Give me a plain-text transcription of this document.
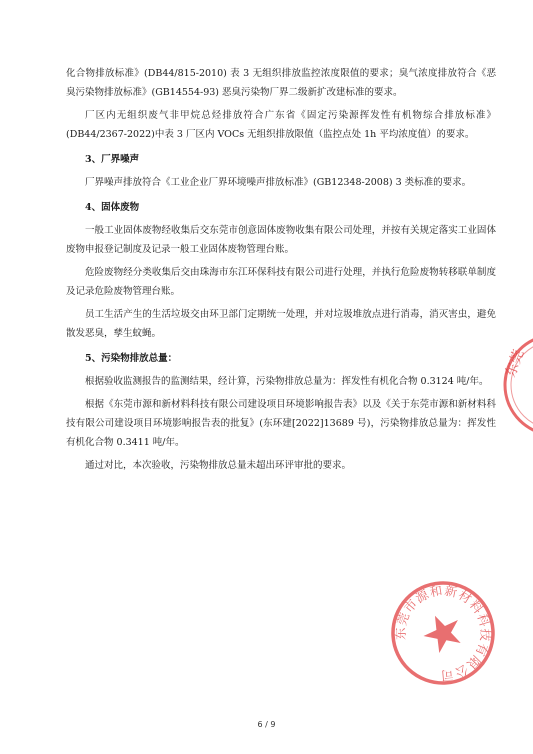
化合物排放标准》(DB44/815-2010) 表 3 无组织排放监控浓度限值的要求；臭气浓度排放符合《恶臭污染物排放标准》(GB14554-93) 恶臭污染物厂界二级新扩改建标准的要求。

厂区内无组织废气非甲烷总烃排放符合广东省《固定污染源挥发性有机物综合排放标准》(DB44/2367-2022)中表 3 厂区内 VOCs 无组织排放限值（监控点处 1h 平均浓度值）的要求。

3、厂界噪声

厂界噪声排放符合《工业企业厂界环境噪声排放标准》(GB12348-2008) 3 类标准的要求。

4、固体废物

一般工业固体废物经收集后交东莞市创意固体废物收集有限公司处理，并按有关规定落实工业固体废物申报登记制度及记录一般工业固体废物管理台账。

危险废物经分类收集后交由珠海市东江环保科技有限公司进行处理，并执行危险废物转移联单制度及记录危险废物管理台账。

员工生活产生的生活垃圾交由环卫部门定期统一处理，并对垃圾堆放点进行消毒，消灭害虫，避免散发恶臭，孳生蚊蝇。

5、污染物排放总量：

根据验收监测报告的监测结果，经计算，污染物排放总量为：挥发性有机化合物 0.3124 吨/年。

根据《东莞市源和新材料科技有限公司建设项目环境影响报告表》以及《关于东莞市源和新材料科技有限公司建设项目环境影响报告表的批复》(东环建[2022]13689 号)，污染物排放总量为：挥发性有机化合物 0.3411 吨/年。

通过对比，本次验收，污染物排放总量未超出环评审批的要求。

东莞
东莞市源和新材料科技有限公司
6 / 9
